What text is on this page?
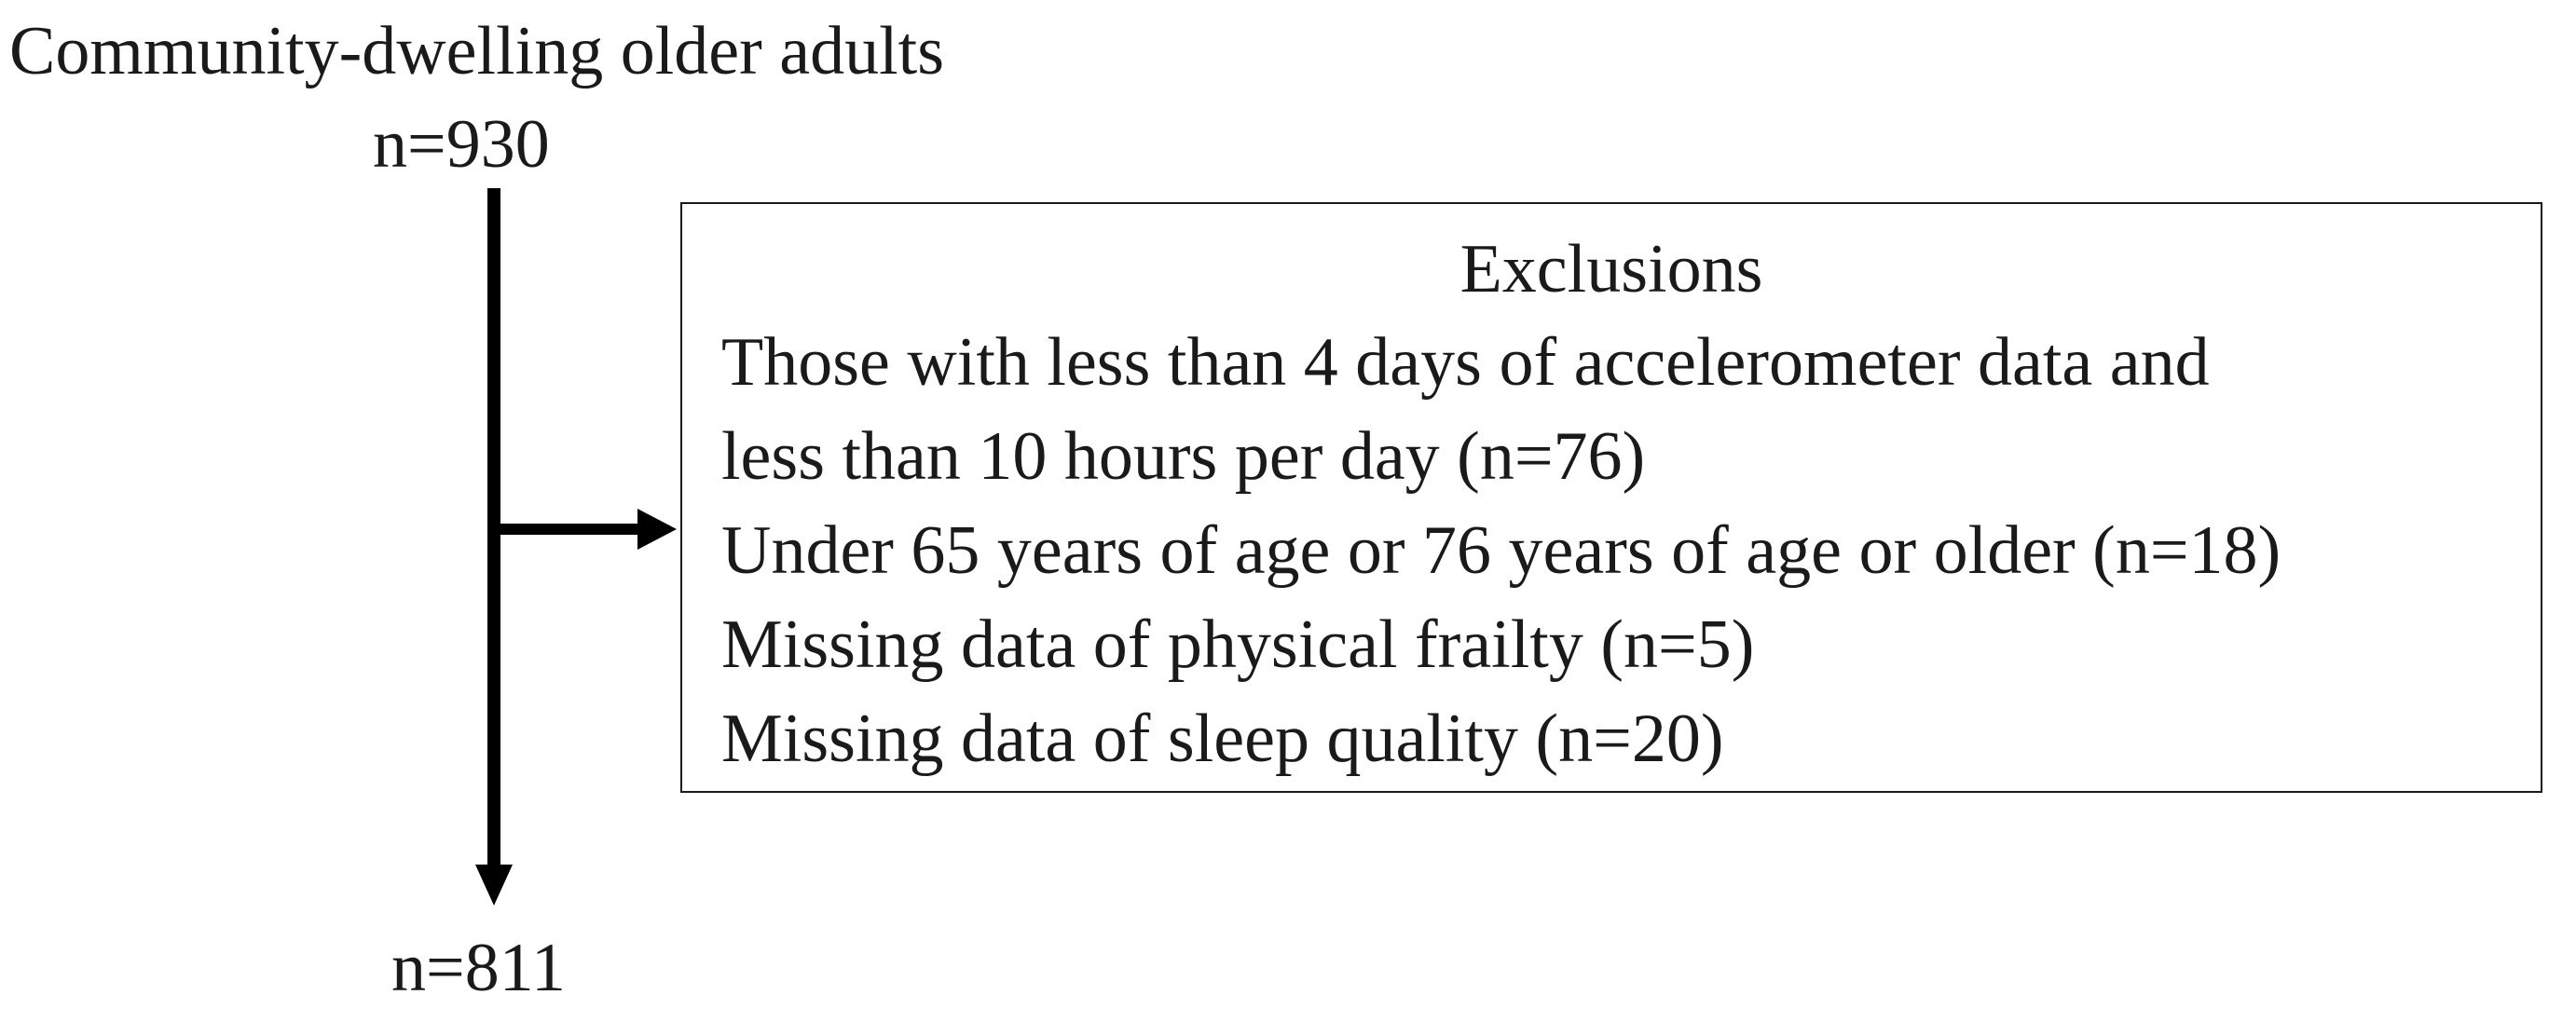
Community-dwelling older adults
n=930
Exclusions
Those with less than 4 days of accelerometer data and
less than 10 hours per day (n=76)
Under 65 years of age or 76 years of age or older (n=18)
Missing data of physical frailty (n=5)
Missing data of sleep quality (n=20)
n=811
